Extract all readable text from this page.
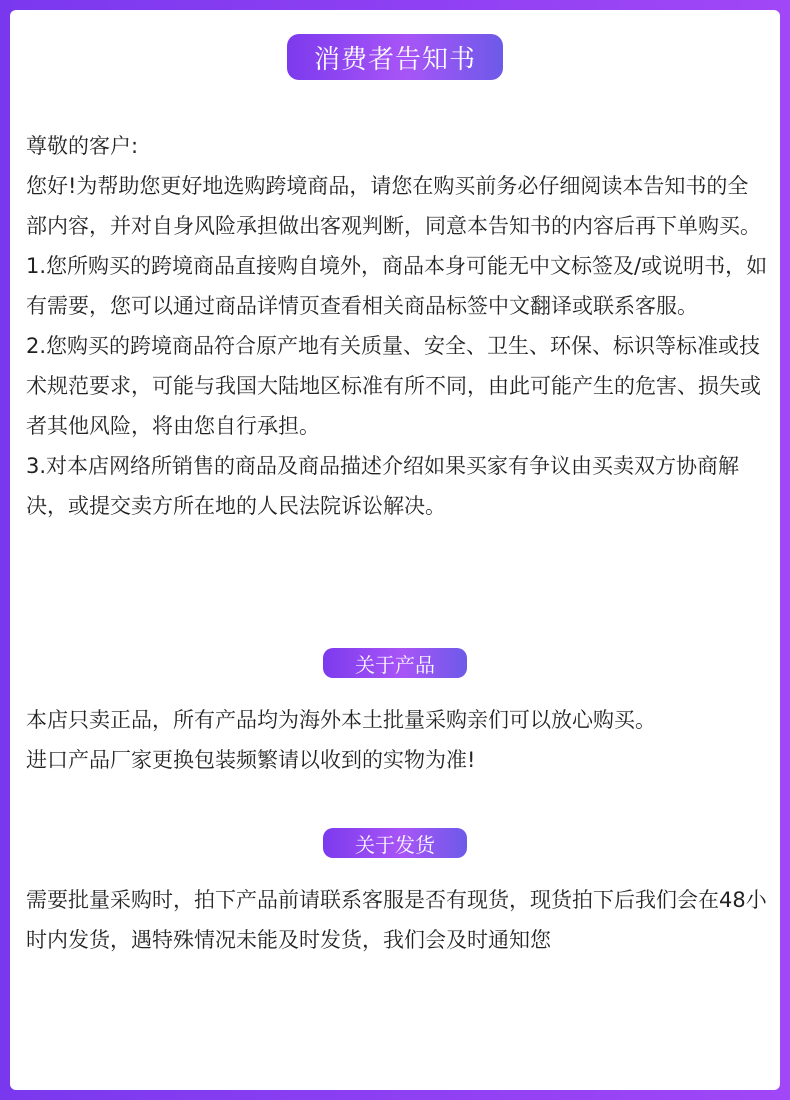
消费者告知书

尊敬的客户:

您好!为帮助您更好地选购跨境商品，请您在购买前务必仔细阅读本告知书的全部内容，并对自身风险承担做出客观判断，同意本告知书的内容后再下单购买。

1.您所购买的跨境商品直接购自境外，商品本身可能无中文标签及/或说明书，如有需要，您可以通过商品详情页查看相关商品标签中文翻译或联系客服。

2.您购买的跨境商品符合原产地有关质量、安全、卫生、环保、标识等标准或技术规范要求，可能与我国大陆地区标准有所不同，由此可能产生的危害、损失或者其他风险，将由您自行承担。

3.对本店网络所销售的商品及商品描述介绍如果买家有争议由买卖双方协商解决，或提交卖方所在地的人民法院诉讼解决。

关于产品

本店只卖正品，所有产品均为海外本土批量采购亲们可以放心购买。

进口产品厂家更换包装频繁请以收到的实物为准!

关于发货

需要批量采购时，拍下产品前请联系客服是否有现货，现货拍下后我们会在48小时内发货，遇特殊情况未能及时发货，我们会及时通知您
